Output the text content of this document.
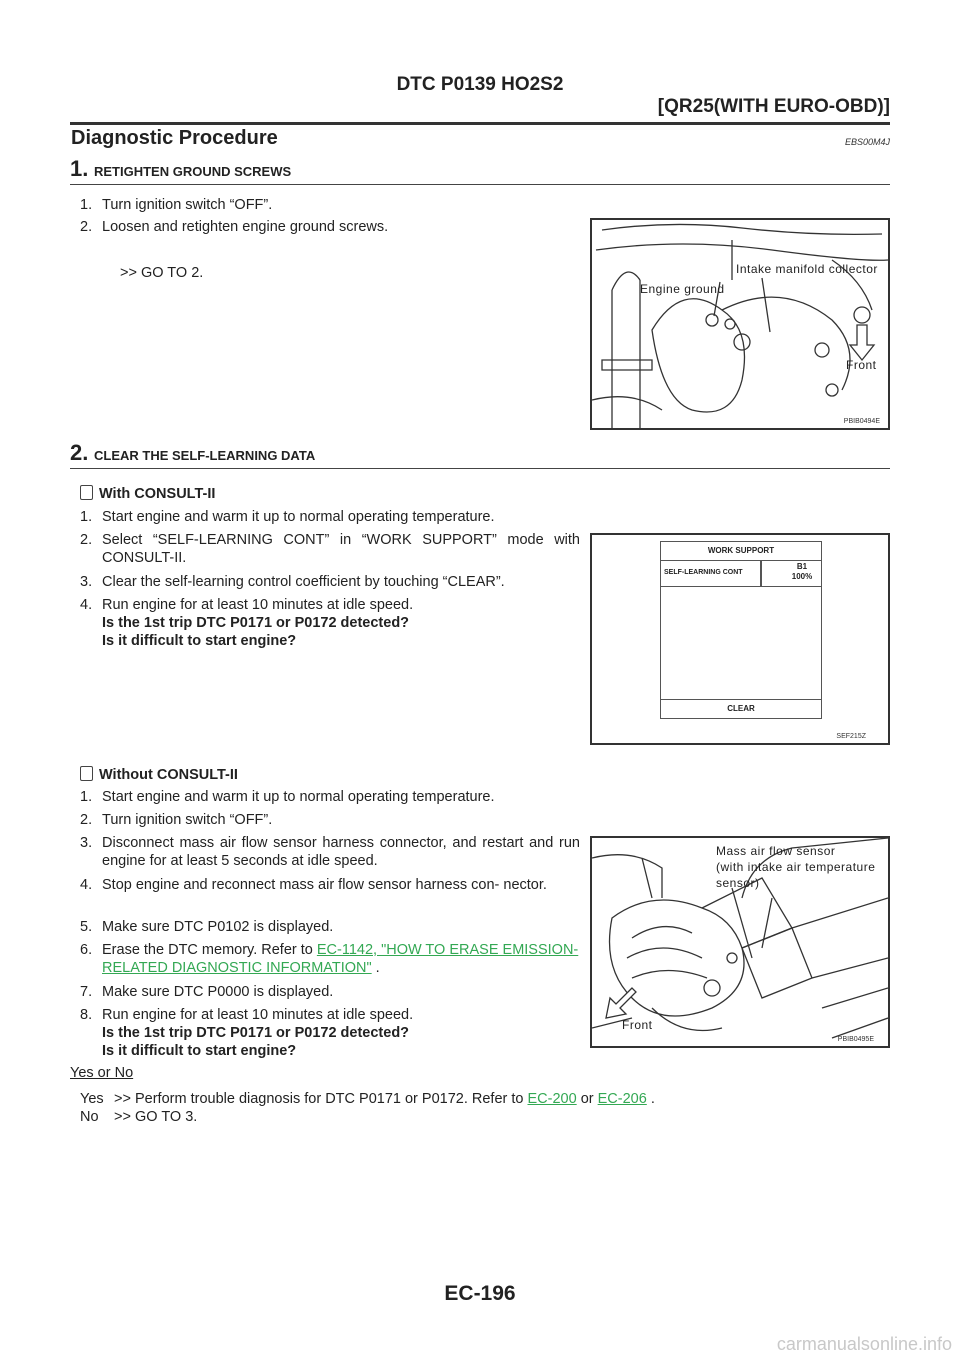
DTC P0139 HO2S2
[QR25(WITH EURO-OBD)]
Diagnostic Procedure	EBS00M4J
1. RETIGHTEN GROUND SCREWS
1. Turn ignition switch “OFF”.
2. Loosen and retighten engine ground screws.
>> GO TO 2.	Intake manifold collector
Engine ground
Front
PBIB0494E
2. CLEAR THE SELF-LEARNING DATA
With CONSULT-II
1. Start engine and warm it up to normal operating temperature.
2. Select “SELF-LEARNING CONT” in “WORK SUPPORT” mode with CONSULT-II.
3. Clear the self-learning control coefficient by touching “CLEAR”.
4. Run engine for at least 10 minutes at idle speed.
Is the 1st trip DTC P0171 or P0172 detected?
Is it difficult to start engine?
WORK SUPPORT
SELF-LEARNING CONT
B1
100%
CLEAR
SEF215Z
Without CONSULT-II
1. Start engine and warm it up to normal operating temperature.
2. Turn ignition switch “OFF”.
3. Disconnect mass air flow sensor harness connector, and restart and run engine for at least 5 seconds at idle speed.
4. Stop engine and reconnect mass air flow sensor harness con- nector.
5. Make sure DTC P0102 is displayed.
6. Erase the DTC memory. Refer to EC-1142, "HOW TO ERASE EMISSION-RELATED DIAGNOSTIC INFORMATION" .
7. Make sure DTC P0000 is displayed.
8. Run engine for at least 10 minutes at idle speed.
Is the 1st trip DTC P0171 or P0172 detected?
Is it difficult to start engine?
Mass air flow sensor
(with intake air temperature
sensor)
Front
PBIB0495E
Yes or No
Yes >> Perform trouble diagnosis for DTC P0171 or P0172. Refer to EC-200 or EC-206 .
No >> GO TO 3.
EC-196
carmanualsonline.info
